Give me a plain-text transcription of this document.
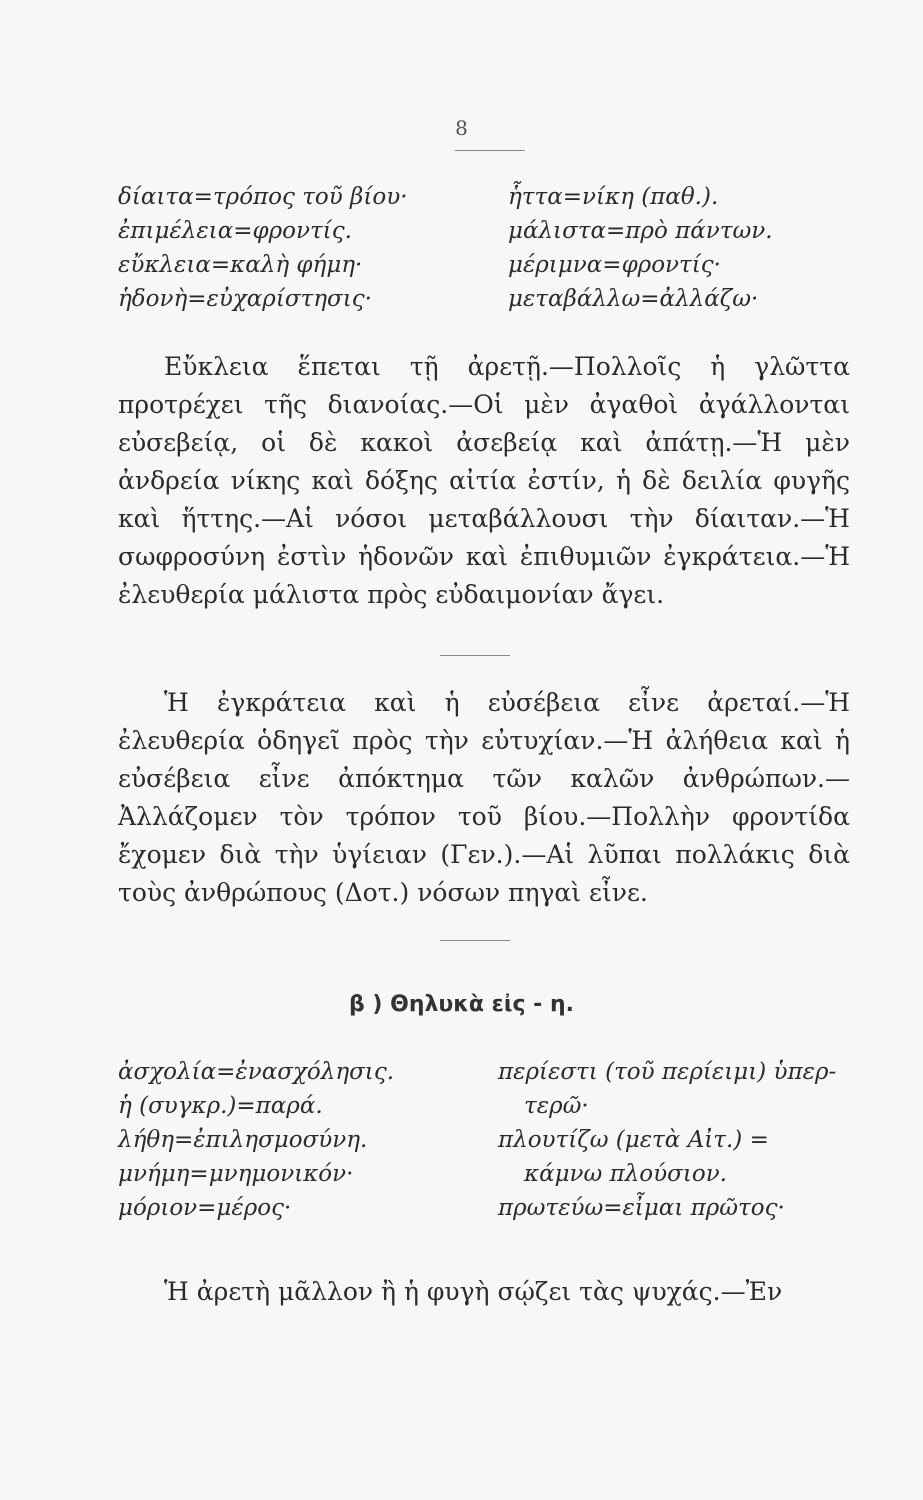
8
δίαιτα=τρόπος τοῦ βίου·
ἐπιμέλεια=φροντίς.
εὔκλεια=καλὴ φήμη·
ἡδονὴ=εὐχαρίστησις·
ἧττα=νίκη (παθ.).
μάλιστα=πρὸ πάντων.
μέριμνα=φροντίς·
μεταβάλλω=ἀλλάζω·

Εὔκλεια ἕπεται τῇ ἀρετῇ.—Πολλοῖς ἡ γλῶττα προτρέχει τῆς διανοίας.—Οἱ μὲν ἀγαθοὶ ἀγάλλονται εὐσεβείᾳ, οἱ δὲ κακοὶ ἀσεβείᾳ καὶ ἀπάτῃ.—Ἡ μὲν ἀνδρεία νίκης καὶ δόξης αἰτία ἐστίν, ἡ δὲ δειλία φυγῆς καὶ ἥττης.—Αἱ νόσοι μεταβάλλουσι τὴν δίαιταν.—Ἡ σωφροσύνη ἐστὶν ἡδονῶν καὶ ἐπιθυμιῶν ἐγκράτεια.—Ἡ ἐλευθερία μάλιστα πρὸς εὐδαιμονίαν ἄγει.

Ἡ ἐγκράτεια καὶ ἡ εὐσέβεια εἶνε ἀρεταί.—Ἡ ἐλευθερία ὁδηγεῖ πρὸς τὴν εὐτυχίαν.—Ἡ ἀλήθεια καὶ ἡ εὐσέβεια εἶνε ἀπόκτημα τῶν καλῶν ἀνθρώπων.—Ἀλλάζομεν τὸν τρόπον τοῦ βίου.—Πολλὴν φροντίδα ἔχομεν διὰ τὴν ὑγίειαν (Γεν.).—Αἱ λῦπαι πολλάκις διὰ τοὺς ἀνθρώπους (Δοτ.) νόσων πηγαὶ εἶνε.

β ) Θηλυκὰ εἰς - η.
ἀσχολία=ἐνασχόλησις.
ἡ (συγκρ.)=παρά.
λήθη=ἐπιλησμοσύνη.
μνήμη=μνημονικόν·
μόριον=μέρος·
περίεστι (τοῦ περίειμι) ὑπερ-
τερῶ·
πλουτίζω (μετὰ Αἰτ.) =
κάμνω πλούσιον.
πρωτεύω=εἶμαι πρῶτος·

Ἡ ἀρετὴ μᾶλλον ἢ ἡ φυγὴ σῴζει τὰς ψυχάς.—Ἐν
